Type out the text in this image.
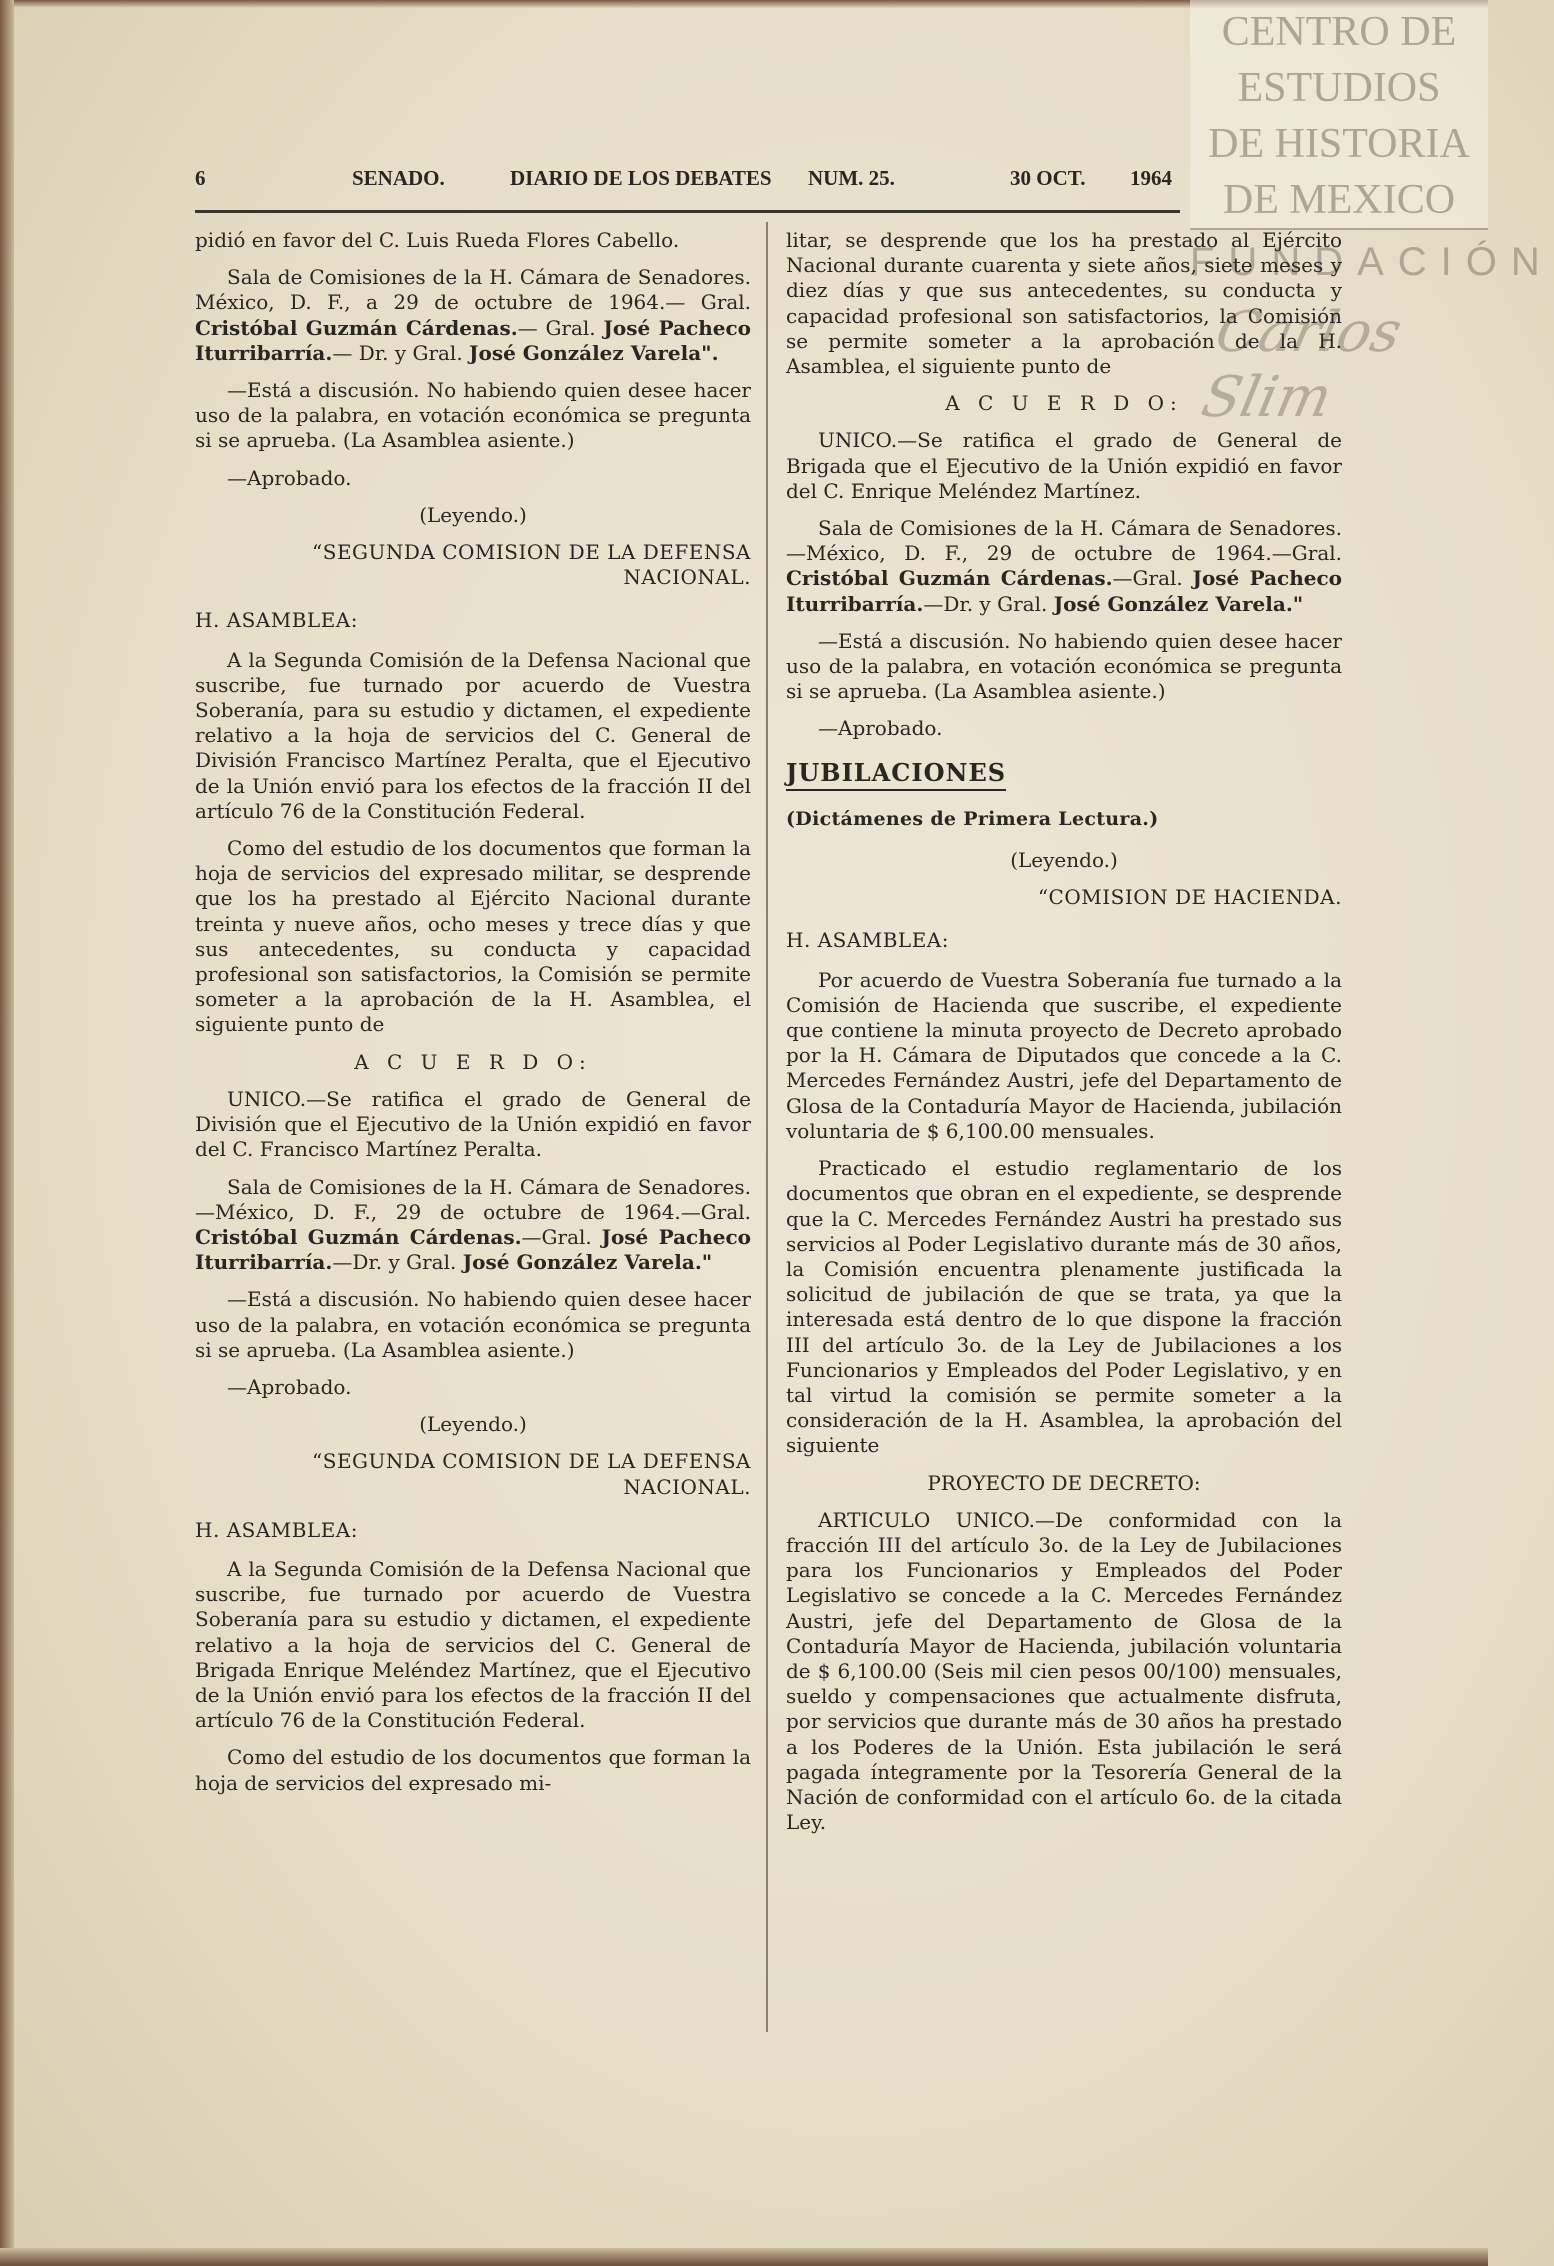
CENTRO DE
ESTUDIOS
DE HISTORIA
DE MEXICO
FUNDACIÓN
Carlos Slim
6	SENADO.	DIARIO DE LOS DEBATES NUM. 25.	30 OCT. 1964
pidió en favor del C. Luis Rueda Flores Cabello.
Sala de Comisiones de la H. Cámara de Senadores. México, D. F., a 29 de octubre de 1964.— Gral. Cristóbal Guzmán Cárdenas.— Gral. José Pacheco Iturribarría.— Dr. y Gral. José González Varela".
—Está a discusión. No habiendo quien desee hacer uso de la palabra, en votación económica se pregunta si se aprueba. (La Asamblea asiente.)
—Aprobado.
(Leyendo.)
“SEGUNDA COMISION DE LA DEFENSA NACIONAL.
H. ASAMBLEA:
A la Segunda Comisión de la Defensa Nacional que suscribe, fue turnado por acuerdo de Vuestra Soberanía, para su estudio y dictamen, el expediente relativo a la hoja de servicios del C. General de División Francisco Martínez Peralta, que el Ejecutivo de la Unión envió para los efectos de la fracción II del artículo 76 de la Constitución Federal.
Como del estudio de los documentos que forman la hoja de servicios del expresado militar, se desprende que los ha prestado al Ejército Nacional durante treinta y nueve años, ocho meses y trece días y que sus antecedentes, su conducta y capacidad profesional son satisfactorios, la Comisión se permite someter a la aprobación de la H. Asamblea, el siguiente punto de
A C U E R D O:
UNICO.—Se ratifica el grado de General de División que el Ejecutivo de la Unión expidió en favor del C. Francisco Martínez Peralta.
Sala de Comisiones de la H. Cámara de Senadores.—México, D. F., 29 de octubre de 1964.—Gral. Cristóbal Guzmán Cárdenas.—Gral. José Pacheco Iturribarría.—Dr. y Gral. José González Varela."
—Está a discusión. No habiendo quien desee hacer uso de la palabra, en votación económica se pregunta si se aprueba. (La Asamblea asiente.)
—Aprobado.
(Leyendo.)
“SEGUNDA COMISION DE LA DEFENSA NACIONAL.
H. ASAMBLEA:
A la Segunda Comisión de la Defensa Nacional que suscribe, fue turnado por acuerdo de Vuestra Soberanía para su estudio y dictamen, el expediente relativo a la hoja de servicios del C. General de Brigada Enrique Meléndez Martínez, que el Ejecutivo de la Unión envió para los efectos de la fracción II del artículo 76 de la Constitución Federal.
Como del estudio de los documentos que forman la hoja de servicios del expresado mi-
litar, se desprende que los ha prestado al Ejército Nacional durante cuarenta y siete años, siete meses y diez días y que sus antecedentes, su conducta y capacidad profesional son satisfactorios, la Comisión se permite someter a la aprobación de la H. Asamblea, el siguiente punto de
A C U E R D O:
UNICO.—Se ratifica el grado de General de Brigada que el Ejecutivo de la Unión expidió en favor del C. Enrique Meléndez Martínez.
Sala de Comisiones de la H. Cámara de Senadores.—México, D. F., 29 de octubre de 1964.—Gral. Cristóbal Guzmán Cárdenas.—Gral. José Pacheco Iturribarría.—Dr. y Gral. José González Varela."
—Está a discusión. No habiendo quien desee hacer uso de la palabra, en votación económica se pregunta si se aprueba. (La Asamblea asiente.)
—Aprobado.
JUBILACIONES
(Dictámenes de Primera Lectura.)
(Leyendo.)
“COMISION DE HACIENDA.
H. ASAMBLEA:
Por acuerdo de Vuestra Soberanía fue turnado a la Comisión de Hacienda que suscribe, el expediente que contiene la minuta proyecto de Decreto aprobado por la H. Cámara de Diputados que concede a la C. Mercedes Fernández Austri, jefe del Departamento de Glosa de la Contaduría Mayor de Hacienda, jubilación voluntaria de $ 6,100.00 mensuales.
Practicado el estudio reglamentario de los documentos que obran en el expediente, se desprende que la C. Mercedes Fernández Austri ha prestado sus servicios al Poder Legislativo durante más de 30 años, la Comisión encuentra plenamente justificada la solicitud de jubilación de que se trata, ya que la interesada está dentro de lo que dispone la fracción III del artículo 3o. de la Ley de Jubilaciones a los Funcionarios y Empleados del Poder Legislativo, y en tal virtud la comisión se permite someter a la consideración de la H. Asamblea, la aprobación del siguiente
PROYECTO DE DECRETO:
ARTICULO UNICO.—De conformidad con la fracción III del artículo 3o. de la Ley de Jubilaciones para los Funcionarios y Empleados del Poder Legislativo se concede a la C. Mercedes Fernández Austri, jefe del Departamento de Glosa de la Contaduría Mayor de Hacienda, jubilación voluntaria de $ 6,100.00 (Seis mil cien pesos 00/100) mensuales, sueldo y compensaciones que actualmente disfruta, por servicios que durante más de 30 años ha prestado a los Poderes de la Unión. Esta jubilación le será pagada íntegramente por la Tesorería General de la Nación de conformidad con el artículo 6o. de la citada Ley.
